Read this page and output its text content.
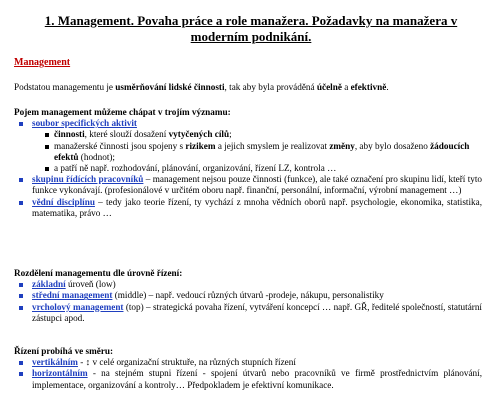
1. Management. Povaha práce a role manažera. Požadavky na manažera v
moderním podnikání.
Management
Podstatou managementu je usměrňování lidské činnosti, tak aby byla prováděná účelně a efektivně.
Pojem management můžeme chápat v trojím významu:
soubor specifických aktivit
činnosti, které slouží dosažení vytyčených cílů;
manažerské činnosti jsou spojeny s rizikem a jejich smyslem je realizovat změny, aby bylo dosaženo žádoucích efektů (hodnot);
a patří ně např. rozhodování, plánování, organizování, řízení LZ, kontrola …
skupinu řídících pracovníků – management nejsou pouze činnosti (funkce), ale také označení pro skupinu lidí, kteří tyto funkce vykonávají. (profesionálové v určitém oboru např. finanční, personální, informační, výrobní management …)
vědní disciplínu – tedy jako teorie řízení, ty vychází z mnoha vědních oborů např. psychologie, ekonomika, statistika, matematika, právo …
Rozdělení managementu dle úrovně řízení:
základní úroveň (low)
střední management (middle) – např. vedoucí různých útvarů -prodeje, nákupu, personalistiky
vrcholový management (top) – strategická povaha řízení, vytváření koncepcí … např. GŘ, ředitelé společností, statutární zástupci apod.
Řízení probíhá ve směru:
vertikálním - ↕ v celé organizační struktuře, na různých stupních řízení
horizontálním - na stejném stupni řízení - spojení útvarů nebo pracovníků ve firmě prostřednictvím plánování, implementace, organizování a kontroly… Předpokladem je efektivní komunikace.
